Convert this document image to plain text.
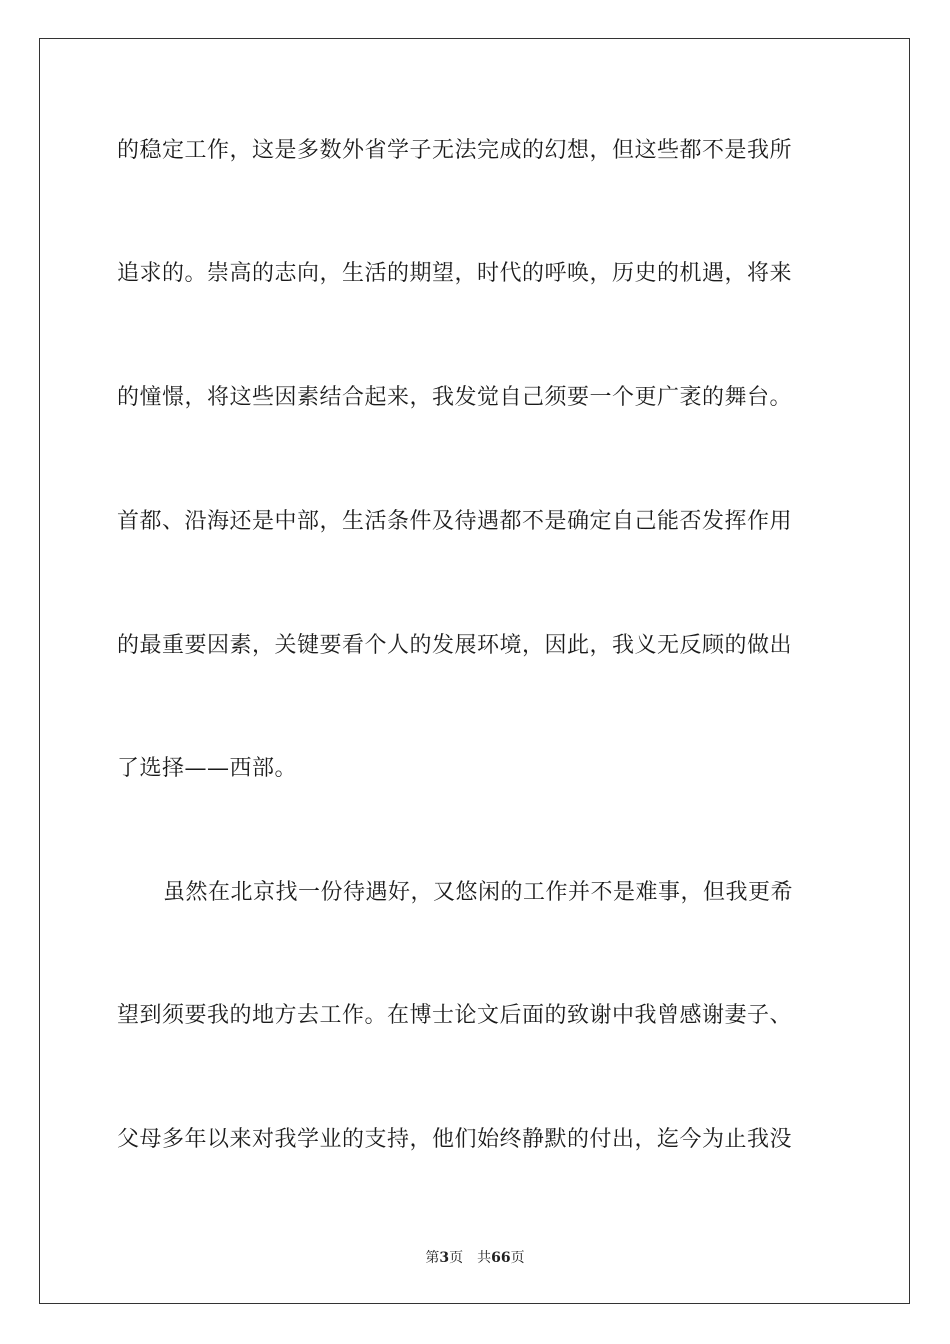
的稳定工作，这是多数外省学子无法完成的幻想，但这些都不是我所
追求的。崇高的志向，生活的期望，时代的呼唤，历史的机遇，将来
的憧憬，将这些因素结合起来，我发觉自己须要一个更广袤的舞台。
首都、沿海还是中部，生活条件及待遇都不是确定自己能否发挥作用
的最重要因素，关键要看个人的发展环境，因此，我义无反顾的做出
了选择——西部。
虽然在北京找一份待遇好，又悠闲的工作并不是难事，但我更希
望到须要我的地方去工作。在博士论文后面的致谢中我曾感谢妻子、
父母多年以来对我学业的支持，他们始终静默的付出，迄今为止我没
第3页 共66页
